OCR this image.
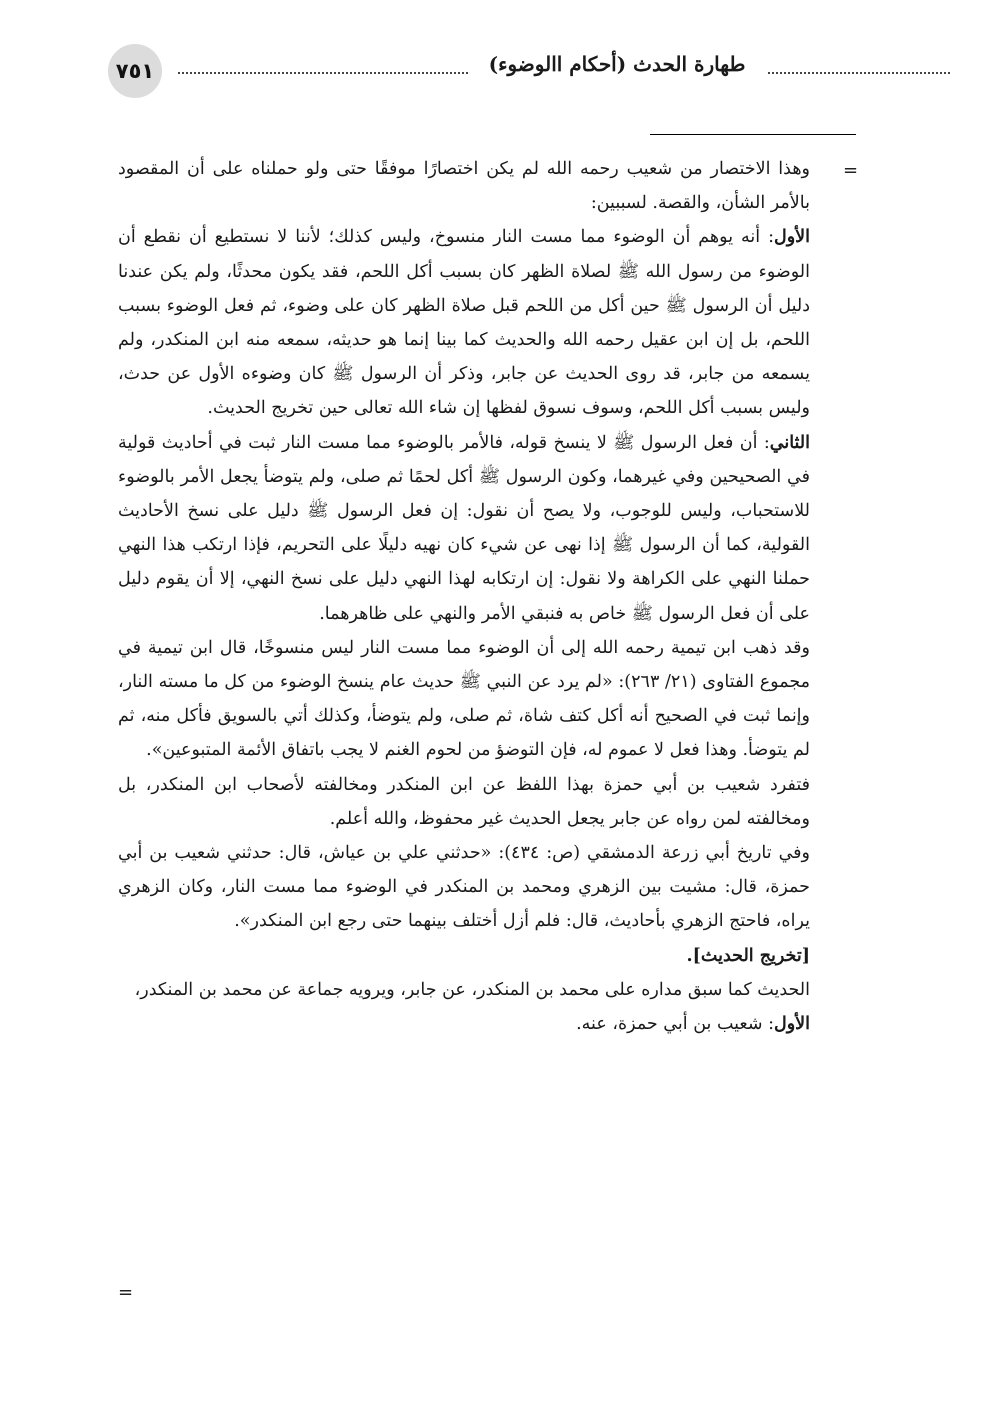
٧٥١	طهارة الحدث (أحكام االوضوء)
=

وهذا الاختصار من شعيب رحمه الله لم يكن اختصارًا موفقًا حتى ولو حملناه على أن المقصود بالأمر الشأن، والقصة. لسببين:

الأول: أنه يوهم أن الوضوء مما مست النار منسوخ، وليس كذلك؛ لأننا لا نستطيع أن نقطع أن الوضوء من رسول الله ﷺ لصلاة الظهر كان بسبب أكل اللحم، فقد يكون محدثًا، ولم يكن عندنا دليل أن الرسول ﷺ حين أكل من اللحم قبل صلاة الظهر كان على وضوء، ثم فعل الوضوء بسبب اللحم، بل إن ابن عقيل رحمه الله والحديث كما بينا إنما هو حديثه، سمعه منه ابن المنكدر، ولم يسمعه من جابر، قد روى الحديث عن جابر، وذكر أن الرسول ﷺ كان وضوءه الأول عن حدث، وليس بسبب أكل اللحم، وسوف نسوق لفظها إن شاء الله تعالى حين تخريج الحديث.

الثاني: أن فعل الرسول ﷺ لا ينسخ قوله، فالأمر بالوضوء مما مست النار ثبت في أحاديث قولية في الصحيحين وفي غيرهما، وكون الرسول ﷺ أكل لحمًا ثم صلى، ولم يتوضأ يجعل الأمر بالوضوء للاستحباب، وليس للوجوب، ولا يصح أن نقول: إن فعل الرسول ﷺ دليل على نسخ الأحاديث القولية، كما أن الرسول ﷺ إذا نهى عن شيء كان نهيه دليلًا على التحريم، فإذا ارتكب هذا النهي حملنا النهي على الكراهة ولا نقول: إن ارتكابه لهذا النهي دليل على نسخ النهي، إلا أن يقوم دليل على أن فعل الرسول ﷺ خاص به فنبقي الأمر والنهي على ظاهرهما.

وقد ذهب ابن تيمية رحمه الله إلى أن الوضوء مما مست النار ليس منسوخًا، قال ابن تيمية في مجموع الفتاوى (٢١/ ٢٦٣): «لم يرد عن النبي ﷺ حديث عام ينسخ الوضوء من كل ما مسته النار، وإنما ثبت في الصحيح أنه أكل كتف شاة، ثم صلى، ولم يتوضأ، وكذلك أتي بالسويق فأكل منه، ثم لم يتوضأ. وهذا فعل لا عموم له، فإن التوضؤ من لحوم الغنم لا يجب باتفاق الأئمة المتبوعين».

فتفرد شعيب بن أبي حمزة بهذا اللفظ عن ابن المنكدر ومخالفته لأصحاب ابن المنكدر، بل ومخالفته لمن رواه عن جابر يجعل الحديث غير محفوظ، والله أعلم.

وفي تاريخ أبي زرعة الدمشقي (ص: ٤٣٤): «حدثني علي بن عياش، قال: حدثني شعيب بن أبي حمزة، قال: مشيت بين الزهري ومحمد بن المنكدر في الوضوء مما مست النار، وكان الزهري يراه، فاحتج الزهري بأحاديث، قال: فلم أزل أختلف بينهما حتى رجع ابن المنكدر».

[تخريج الحديث].

الحديث كما سبق مداره على محمد بن المنكدر، عن جابر، ويرويه جماعة عن محمد بن المنكدر،

الأول: شعيب بن أبي حمزة، عنه.

=
